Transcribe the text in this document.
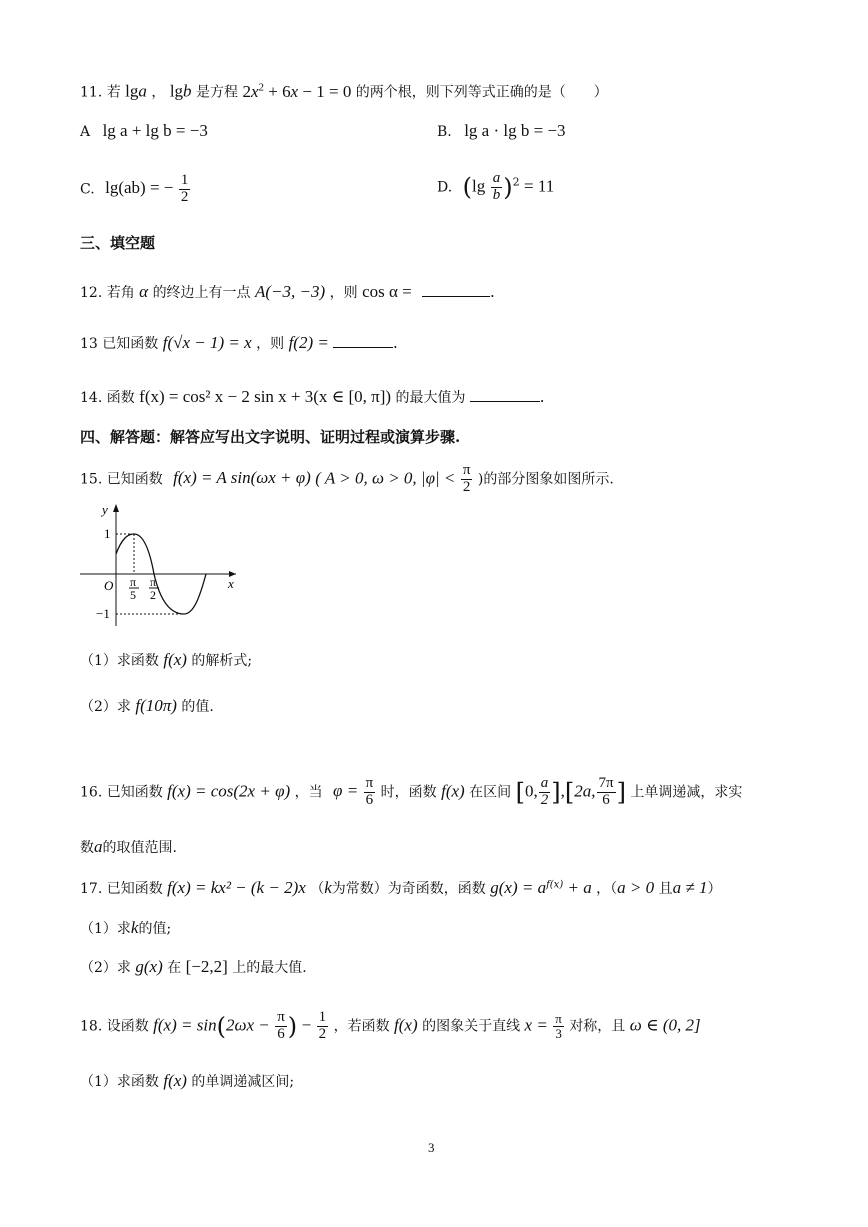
11. 若 lga ， lgb 是方程 $2x^2 + 6x - 1 = 0$ 的两个根，则下列等式正确的是（　　）
A lg a + lg b = −3	B. lg a · lg b = −3
C. lg(ab) = − $\frac{1}{2}$	D. $(\lg \frac{a}{b} )^2 = 11$
三、填空题
12. 若角 α 的终边上有一点 A(−3, −3) ，则 cos α =	.
13 已知函数 f(√x − 1) = x ，则 f(2) =	.
14. 函数 f(x) = cos² x − 2 sin x + 3(x ∈ [0, π]) 的最大值为	.
四、解答题：解答应写出文字说明、证明过程或演算步骤.
15. 已知函数 f(x) = A sin(ωx + φ) ( A > 0, ω > 0, $|\varphi| < \frac{\pi}{2}$ )的部分图象如图所示.
y
x
O
1
−1
π
5
π
2
（1）求函数 f(x) 的解析式;
（2）求 f(10π) 的值.
16. 已知函数 f(x) = cos(2x + φ) ，当 $\varphi = \frac{\pi}{6}$ 时，函数 f(x) 在区间 [0, $\frac{a}{2} ],[2a$, $\frac{7\pi}{6}$ ] 上单调递减，求实
数a的取值范围.
17. 已知函数 f(x) = kx² − (k − 2)x （k为常数）为奇函数，函数 $g(x) = a^{f(x)} + a$ ，（a > 0 且a ≠ 1）
（1）求k的值;
（2）求 g(x) 在 [−2,2] 上的最大值.
18. 设函数 $f(x) = \sin(2\omega x - \frac{\pi}{6}$ ) − $\frac{1}{2}$ ，若函数 f(x) 的图象关于直线 $x = \frac{\pi}{3}$ 对称，且 ω ∈ (0, 2]
（1）求函数 f(x) 的单调递减区间;
3
